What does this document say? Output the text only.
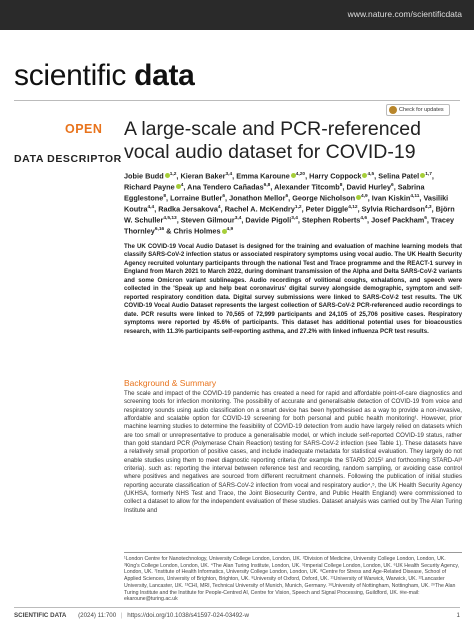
www.nature.com/scientificdata
scientific data
Check for updates
OPEN
DATA DESCRIPTOR
A large-scale and PCR-referenced vocal audio dataset for COVID-19

Jobie Budd $^{1,2}$, Kieran Baker$^{3,4}$, Emma Karoune $^{4,20}$, Harry Coppock $^{4,5}$, Selina Patel $^{1,7}$, Richard Payne $^4$, Ana Tendero Cañadas$^{6,8}$, Alexander Titcomb$^8$, David Hurley$^6$, Sabrina Egglestone$^8$, Lorraine Butler$^6$, Jonathon Mellor$^6$, George Nicholson $^{4,9}$, Ivan Kiskin$^{4,11}$, Vasiliki Koutra$^{4,4}$, Radka Jersakova$^4$, Rachel A. McKendry$^{1,2}$, Peter Diggle$^{4,12}$, Sylvia Richardson$^{4,3}$, Björn W. Schuller$^{4,5,13}$, Steven Gilmour$^{3,4}$, Davide Pigoli$^{3,4}$, Stephen Roberts$^{4,6}$, Josef Packham$^6$, Tracey Thornley$^{6,16}$ & Chris Holmes $^{4,9}$

The UK COVID-19 Vocal Audio Dataset is designed for the training and evaluation of machine learning models that classify SARS-CoV-2 infection status or associated respiratory symptoms using vocal audio. The UK Health Security Agency recruited voluntary participants through the national Test and Trace programme and the REACT-1 survey in England from March 2021 to March 2022, during dominant transmission of the Alpha and Delta SARS-CoV-2 variants and some Omicron variant sublineages. Audio recordings of volitional coughs, exhalations, and speech were collected in the 'Speak up and help beat coronavirus' digital survey alongside demographic, symptom and self-reported respiratory condition data. Digital survey submissions were linked to SARS-CoV-2 test results. The UK COVID-19 Vocal Audio Dataset represents the largest collection of SARS-CoV-2 PCR-referenced audio recordings to date. PCR results were linked to 70,565 of 72,999 participants and 24,105 of 25,706 positive cases. Respiratory symptoms were reported by 45.6% of participants. This dataset has additional potential uses for bioacoustics research, with 11.3% participants self-reporting asthma, and 27.2% with linked influenza PCR test results.

Background & Summary

The scale and impact of the COVID-19 pandemic has created a need for rapid and affordable point-of-care diagnostics and screening tools for infection monitoring. The possibility of accurate and generalisable detection of COVID-19 from voice and respiratory sounds using audio classification on a smart device has been hypothesised as a way to provide a non-invasive, affordable and scalable option for COVID-19 screening for both personal and public health monitoring¹. However, prior machine learning studies to determine the feasibility of COVID-19 detection from audio have largely relied on datasets which are too small or unrepresentative to produce a generalisable model, or which include self-reported COVID-19 status, rather than gold standard PCR (Polymerase Chain Reaction) testing for SARS-CoV-2 infection (see Table 1). These datasets have a relatively small proportion of positive cases, and include inadequate metadata for statistical evaluation. They largely do not enable studies using them to meet diagnostic reporting criteria (for example the STARD 2015² and forthcoming STARD-AI³ criteria). such as: reporting the interval between reference test and recording, random sampling, or avoiding case control where positives and negatives are sourced from different recruitment channels. Following the publication of initial studies reporting accurate classification of SARS-CoV-2 infection from vocal and respiratory audio⁴,⁵, the UK Health Security Agency (UKHSA, formerly NHS Test and Trace, the Joint Biosecurity Centre, and Public Health England) were commissioned to collect a dataset to allow for the independent evaluation of these studies. Dataset analysis was carried out by The Alan Turing Institute and

¹London Centre for Nanotechnology, University College London, London, UK. ²Division of Medicine, University College London, London, UK. ³King's College London, London, UK. ⁴The Alan Turing Institute, London, UK. ⁵Imperial College London, London, UK. ⁶UK Health Security Agency, London, UK. ⁷Institute of Health Informatics, University College London, London, UK. ⁸Centre for Stress and Age-Related Disease, School of Applied Sciences, University of Brighton, Brighton, UK. ⁹University of Oxford, Oxford, UK. ¹¹University of Warwick, Warwick, UK. ¹²Lancaster University, Lancaster, UK. ¹³CHI, MRI, Technical University of Munich, Munich, Germany. ¹⁶University of Nottingham, Nottingham, UK. ²⁰The Alan Turing Institute and the Institute for People-Centred AI, Centre for Vision, Speech and Signal Processing, Guildford, UK. ✉e-mail: ekaroune@turing.ac.uk

SCIENTIFIC DATA (2024) 11:700 | https://doi.org/10.1038/s41597-024-03492-w	1
